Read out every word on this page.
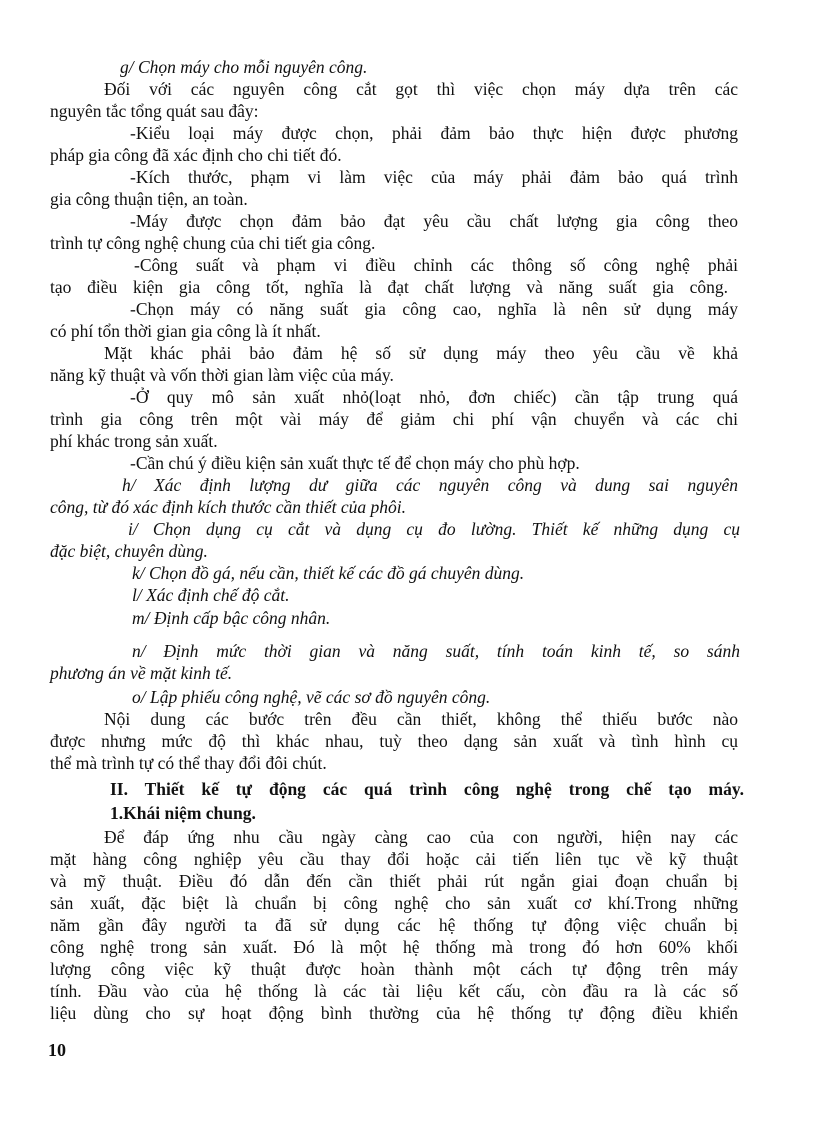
g/ Chọn máy cho mỗi nguyên công.
Đối với các nguyên công cắt gọt thì việc chọn máy dựa trên các
nguyên tắc tổng quát sau đây:
-Kiểu loại máy được chọn, phải đảm bảo thực hiện được phương
pháp gia công đã xác định cho chi tiết đó.
-Kích thước, phạm vi làm việc của máy phải đảm bảo quá trình
gia công thuận tiện, an toàn.
-Máy được chọn đảm bảo đạt yêu cầu chất lượng gia công theo
trình tự công nghệ chung của chi tiết gia công.
-Công suất và phạm vi điều chỉnh các thông số công nghệ phải
tạo điều kiện gia công tốt, nghĩa là đạt chất lượng và năng suất gia công.
-Chọn máy có năng suất gia công cao, nghĩa là nên sử dụng máy
có phí tổn thời gian gia công là ít nhất.
Mặt khác phải bảo đảm hệ số sử dụng máy theo yêu cầu về khả
năng kỹ thuật và vốn thời gian làm việc của máy.
-Ở quy mô sản xuất nhỏ(loạt nhỏ, đơn chiếc) cần tập trung quá
trình gia công trên một vài máy để giảm chi phí vận chuyển và các chi
phí khác trong sản xuất.
-Cần chú ý điều kiện sản xuất thực tế để chọn máy cho phù hợp.
h/ Xác định lượng dư giữa các nguyên công và dung sai nguyên
công, từ đó xác định kích thước cần thiết của phôi.
i/ Chọn dụng cụ cắt và dụng cụ đo lường. Thiết kế những dụng cụ
đặc biệt, chuyên dùng.
k/ Chọn đồ gá, nếu cần, thiết kế các đồ gá chuyên dùng.
l/ Xác định chế độ cắt.
m/ Định cấp bậc công nhân.
n/ Định mức thời gian và năng suất, tính toán kinh tế, so sánh
phương án về mặt kinh tế.
o/ Lập phiếu công nghệ, vẽ các sơ đồ nguyên công.
Nội dung các bước trên đều cần thiết, không thể thiếu bước nào
được nhưng mức độ thì khác nhau, tuỳ theo dạng sản xuất và tình hình cụ
thể mà trình tự có thể thay đổi đôi chút.
II. Thiết kế tự động các quá trình công nghệ trong chế tạo máy.
1.Khái niệm chung.
Để đáp ứng nhu cầu ngày càng cao của con người, hiện nay các
mặt hàng công nghiệp yêu cầu thay đổi hoặc cải tiến liên tục về kỹ thuật
và mỹ thuật. Điều đó dẫn đến cần thiết phải rút ngắn giai đoạn chuẩn bị
sản xuất, đặc biệt là chuẩn bị công nghệ cho sản xuất cơ khí.Trong những
năm gần đây người ta đã sử dụng các hệ thống tự động việc chuẩn bị
công nghệ trong sản xuất. Đó là một hệ thống mà trong đó hơn 60% khối
lượng công việc kỹ thuật được hoàn thành một cách tự động trên máy
tính. Đầu vào của hệ thống là các tài liệu kết cấu, còn đầu ra là các số
liệu dùng cho sự hoạt động bình thường của hệ thống tự động điều khiển
10
